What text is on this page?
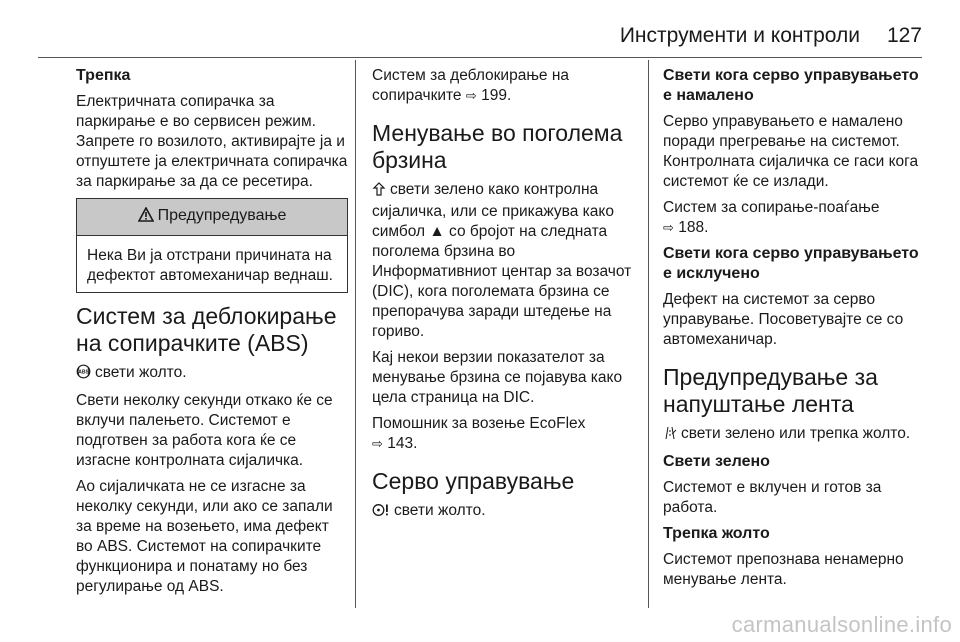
Инструменти и контроли 127
Трепка

Електричната сопирачка за паркирање е во сервисен режим. Запрете го возилото, активирајте ја и отпуштете ја електричната сопирачка за паркирање за да се ресетира.

Предупредување

Нека Ви ја отстрани причината на дефектот автомеханичар веднаш.

Систем за деблокирање на сопирачките (ABS)

ABS свети жолто.

Свети неколку секунди откако ќе се вклучи палењето. Системот е подготвен за работа кога ќе се изгасне контролната сијаличка.

Ао сијаличката не се изгасне за неколку секунди, или ако се запали за време на возењето, има дефект во ABS. Системот на сопирачките функционира и понатаму но без регулирање од ABS.

Систем за деблокирање на сопирачките ⇨ 199.

Менување во поголема брзина

свети зелено како контролна сијаличка, или се прикажува како симбол ▲ со бројот на следната поголема брзина во Информативниот центар за возачот (DIC), кога поголемата брзина се препорачува заради штедење на гориво.

Кај некои верзии показателот за менување брзина се појавува како цела страница на DIC.

Помошник за возење EcoFlex
⇨ 143.

Серво управување

свети жолто.

Свети кога серво управувањето е намалено

Серво управувањето е намалено поради прегревање на системот. Контролната сијаличка се гаси кога системот ќе се излади.

Систем за сопирање-поаѓање
⇨ 188.

Свети кога серво управувањето е исклучено

Дефект на системот за серво управување. Посоветувајте се со автомеханичар.

Предупредување за напуштање лента

свети зелено или трепка жолто.

Свети зелено

Системот е вклучен и готов за работа.

Трепка жолто

Системот препознава ненамерно менување лента.

carmanualsonline.info
